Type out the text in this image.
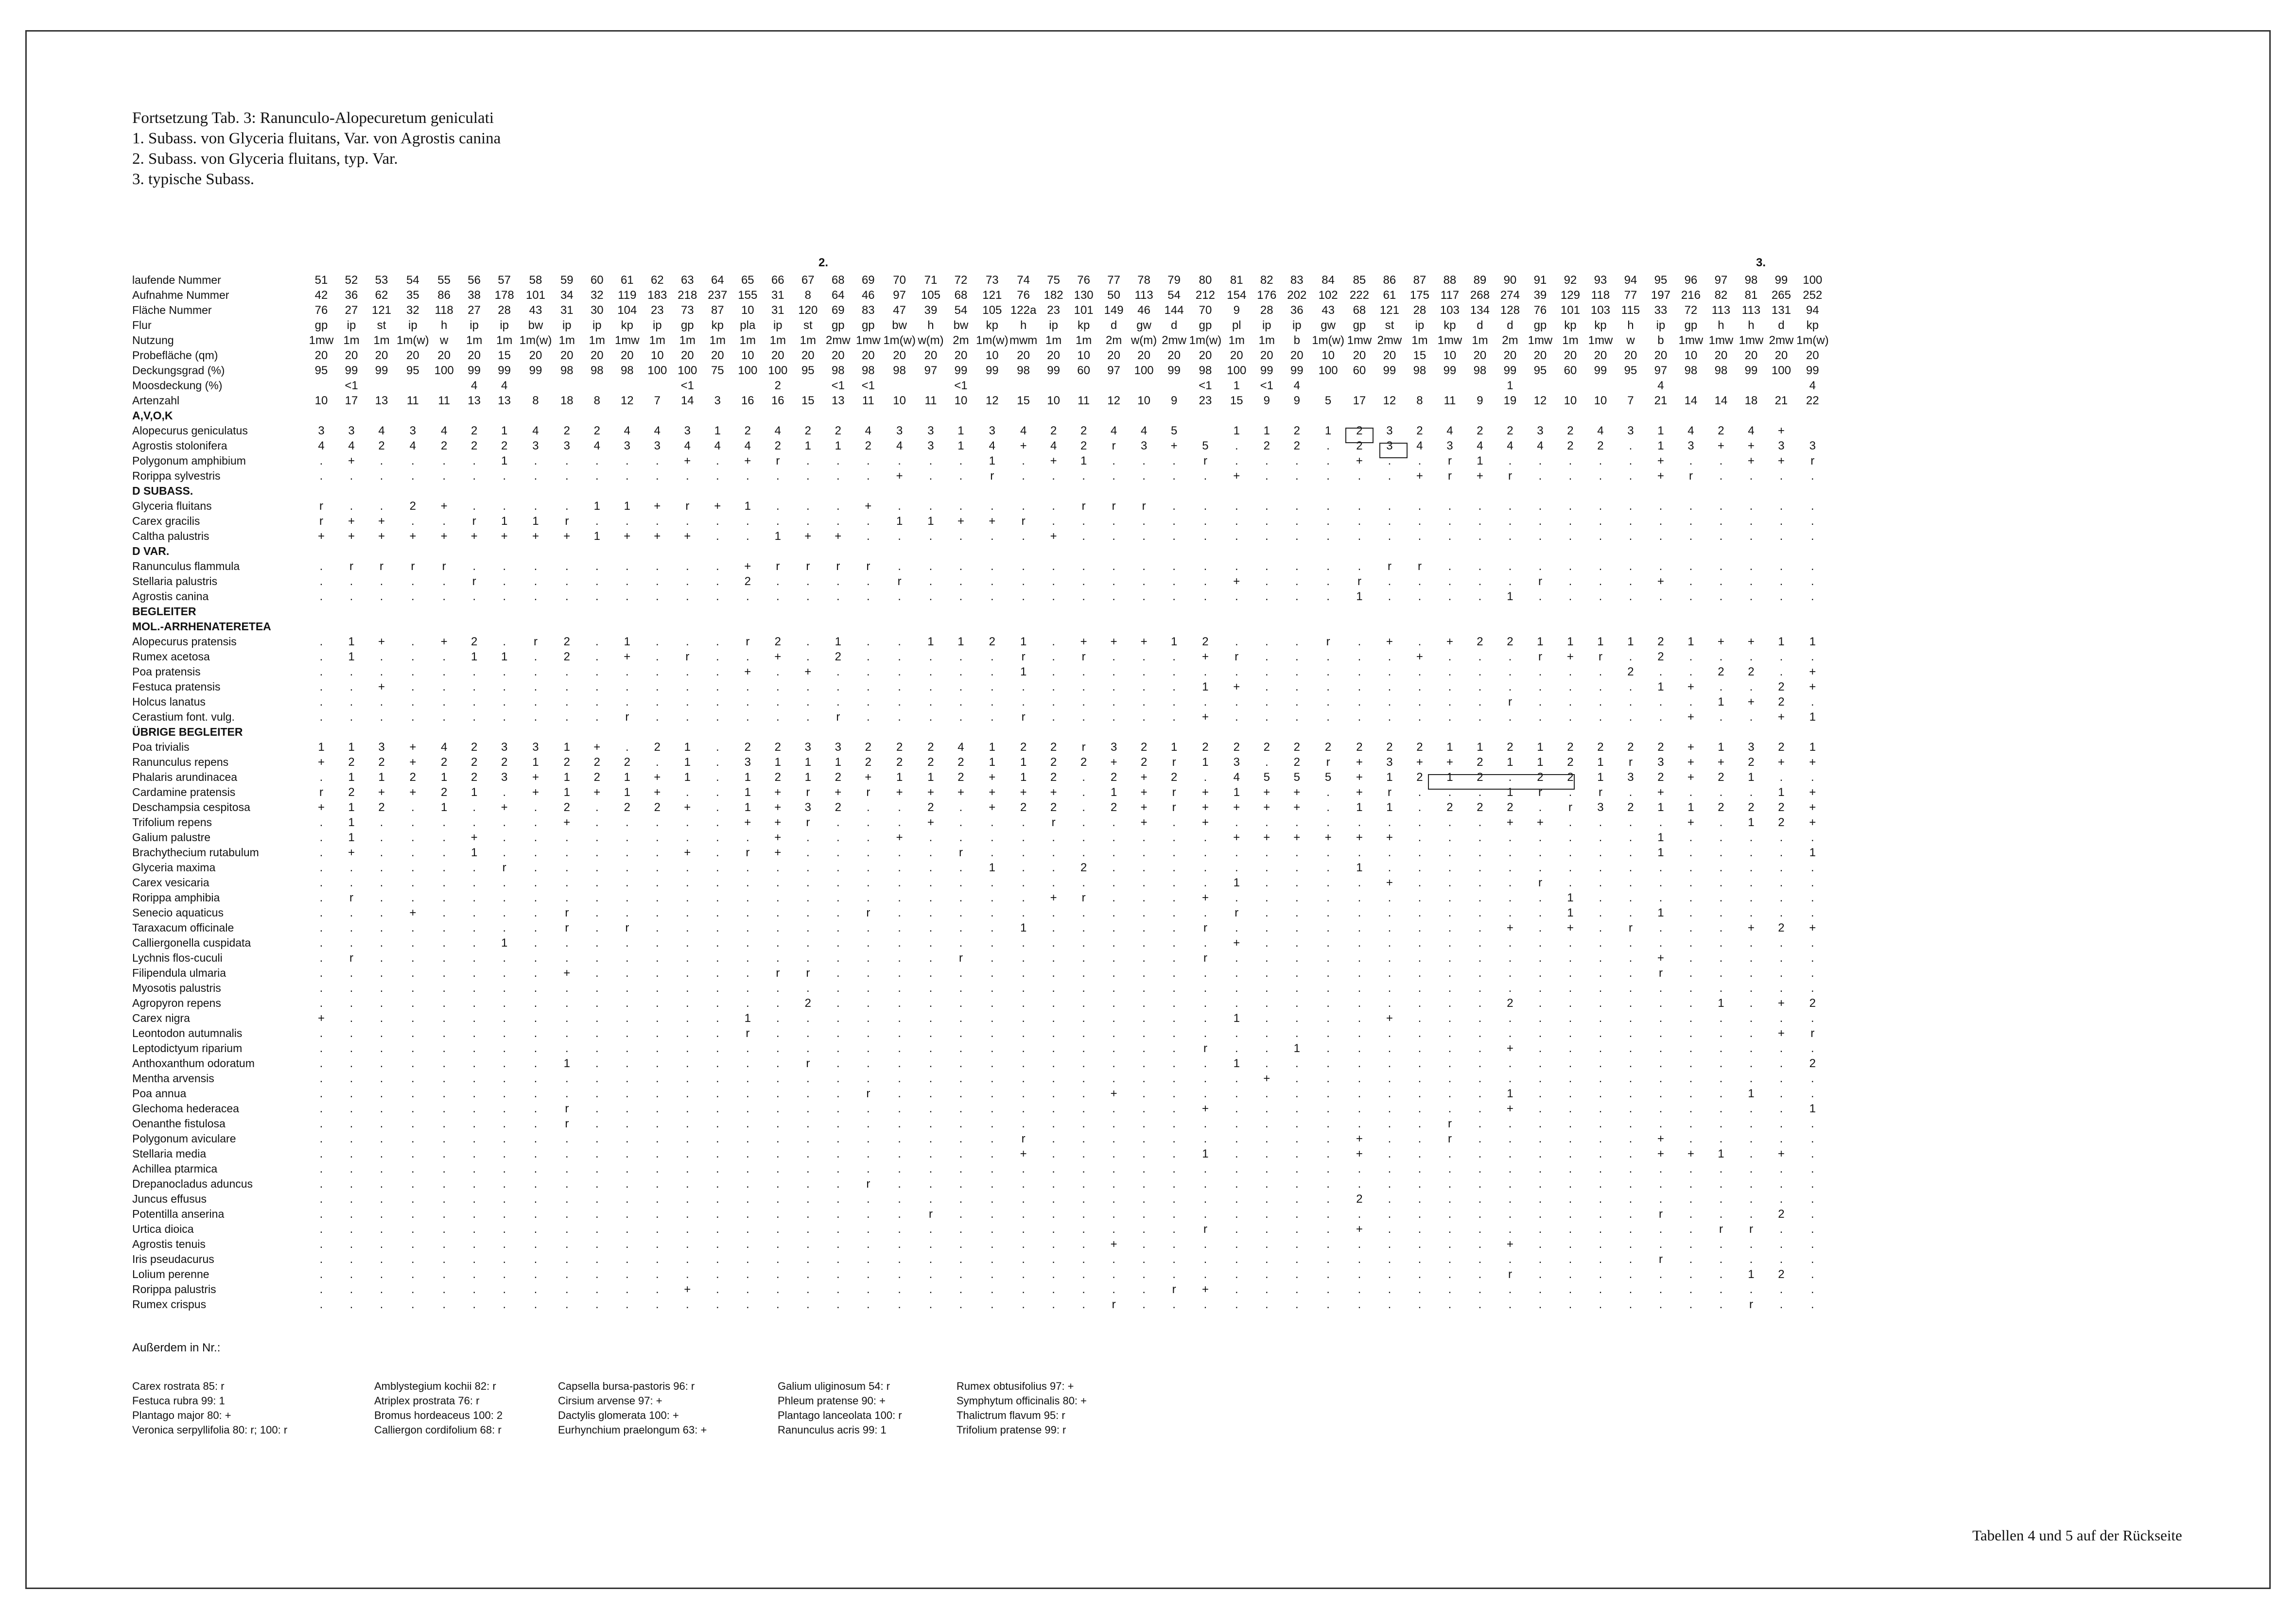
Fortsetzung Tab. 3: Ranunculo-Alopecuretum geniculati
1. Subass. von Glyceria fluitans, Var. von Agrostis canina
2. Subass. von Glyceria fluitans, typ. Var.
3. typische Subass.
2.	3.
laufende Nummer	51	52	53	54	55	56	57	58	59	60	61	62	63	64	65	66	67	68	69	70	71	72	73	74	75	76	77	78	79	80	81	82	83	84	85	86	87	88	89	90	91	92	93	94	95	96	97	98	99	100
Aufnahme Nummer	42	36	62	35	86	38	178	101	34	32	119	183	218	237	155	31	8	64	46	97	105	68	121	76	182	130	50	113	54	212	154	176	202	102	222	61	175	117	268	274	39	129	118	77	197	216	82	81	265	252
Fläche Nummer	76	27	121	32	118	27	28	43	31	30	104	23	73	87	10	31	120	69	83	47	39	54	105	122a	23	101	149	46	144	70	9	28	36	43	68	121	28	103	134	128	76	101	103	115	33	72	113	113	131	94
Flur	gp	ip	st	ip	h	ip	ip	bw	ip	ip	kp	ip	gp	kp	pla	ip	st	gp	gp	bw	h	bw	kp	h	ip	kp	d	gw	d	gp	pl	ip	ip	gw	gp	st	ip	kp	d	d	gp	kp	kp	h	ip	gp	h	h	d	kp
Nutzung	1mw	1m	1m	1m(w)	w	1m	1m	1m(w)	1m	1m	1mw	1m	1m	1m	1m	1m	1m	2mw	1mw	1m(w)	w(m)	2m	1m(w)	mwm	1m	1m	2m	w(m)	2mw	1m(w)	1m	1m	b	1m(w)	1mw	2mw	1m	1mw	1m	2m	1mw	1m	1mw	w	b	1mw	1mw	1mw	2mw	1m(w)
Probefläche (qm)	20	20	20	20	20	20	15	20	20	20	20	10	20	20	10	20	20	20	20	20	20	20	10	20	20	10	20	20	20	20	20	20	20	10	20	20	15	10	20	20	20	20	20	20	20	10	20	20	20	20
Deckungsgrad (%)	95	99	99	95	100	99	99	99	98	98	98	100	100	75	100	100	95	98	98	98	97	99	99	98	99	60	97	100	99	98	100	99	99	100	60	99	98	99	98	99	95	60	99	95	97	98	98	99	100	99
Moosdeckung (%)		<1				4	4						<1			2		<1	<1			<1								<1	1	<1	4							1					4					4
Artenzahl	10	17	13	11	11	13	13	8	18	8	12	7	14	3	16	16	15	13	11	10	11	10	12	15	10	11	12	10	9	23	15	9	9	5	17	12	8	11	9	19	12	10	10	7	21	14	14	18	21	22
A,V,O,K																																																		
Alopecurus geniculatus	3	3	4	3	4	2	1	4	2	2	4	4	3	1	2	4	2	2	4	3	3	1	3	4	2	2	4	4	5		1	1	2	1	2	3	2	4	2	2	3	2	4	3	1	4	2	4	+	
Agrostis stolonifera	4	4	2	4	2	2	2	3	3	4	3	3	4	4	4	2	1	1	2	4	3	1	4	+	4	2	r	3	+	5	.	2	2	.	2	3	4	3	4	4	4	2	2	.	1	3	+	+	3	3
Polygonum amphibium	.	+	.	.	.	.	1	.	.	.	.	.	+	.	+	r	.	.	.	.	.	.	1	.	+	1	.	.	.	r	.	.	.	.	+	.	.	r	1	.	.	.	.	.	+	.	.	+	+	r
Rorippa sylvestris	.	.	.	.	.	.	.	.	.	.	.	.	.	.	.	.	.	.	.	+	.	.	r	.	.	.	.	.	.	.	+	.	.	.	.	.	+	r	+	r	.	.	.	.	+	r	.	.	.	.
D SUBASS.																																																		
Glyceria fluitans	r	.	.	2	+	.	.	.	.	1	1	+	r	+	1	.	.	.	+	.	.	.	.	.	.	r	r	r	.	.	.	.	.	.	.	.	.	.	.	.	.	.	.	.	.	.	.	.	.	.
Carex gracilis	r	+	+	.	.	r	1	1	r	.	.	.	.	.	.	.	.	.	.	1	1	+	+	r	.	.	.	.	.	.	.	.	.	.	.	.	.	.	.	.	.	.	.	.	.	.	.	.	.	.
Caltha palustris	+	+	+	+	+	+	+	+	+	1	+	+	+	.	.	1	+	+	.	.	.	.	.	.	+	.	.	.	.	.	.	.	.	.	.	.	.	.	.	.	.	.	.	.	.	.	.	.	.	.
D VAR.																																																		
Ranunculus flammula	.	r	r	r	r	.	.	.	.	.	.	.	.	.	+	r	r	r	r	.	.	.	.	.	.	.	.	.	.	.	.	.	.	.	.	r	r	.	.	.	.	.	.	.	.	.	.	.	.	.
Stellaria palustris	.	.	.	.	.	r	.	.	.	.	.	.	.	.	2	.	.	.	.	r	.	.	.	.	.	.	.	.	.	.	+	.	.	.	r	.	.	.	.	.	r	.	.	.	+	.	.	.	.	.
Agrostis canina	.	.	.	.	.	.	.	.	.	.	.	.	.	.	.	.	.	.	.	.	.	.	.	.	.	.	.	.	.	.	.	.	.	.	1	.	.	.	.	1	.	.	.	.	.	.	.	.	.	.
BEGLEITER																																																		
MOL.-ARRHENATERETEA																																																		
Alopecurus pratensis	.	1	+	.	+	2	.	r	2	.	1	.	.	.	r	2	.	1	.	.	1	1	2	1	.	+	+	+	1	2	.	.	.	r	.	+	.	+	2	2	1	1	1	1	2	1	+	+	1	1
Rumex acetosa	.	1	.	.	.	1	1	.	2	.	+	.	r	.	.	+	.	2	.	.	.	.	.	r	.	r	.	.	.	+	r	.	.	.	.	.	+	.	.	.	r	+	r	.	2	.	.	.	.	.
Poa pratensis	.	.	.	.	.	.	.	.	.	.	.	.	.	.	+	.	+	.	.	.	.	.	.	1	.	.	.	.	.	.	.	.	.	.	.	.	.	.	.	.	.	.	.	2	.	.	2	2	.	+
Festuca pratensis	.	.	+	.	.	.	.	.	.	.	.	.	.	.	.	.	.	.	.	.	.	.	.	.	.	.	.	.	.	1	+	.	.	.	.	.	.	.	.	.	.	.	.	.	1	+	.	.	2	+
Holcus lanatus	.	.	.	.	.	.	.	.	.	.	.	.	.	.	.	.	.	.	.	.	.	.	.	.	.	.	.	.	.	.	.	.	.	.	.	.	.	.	.	r	.	.	.	.	.	.	1	+	2	.
Cerastium font. vulg.	.	.	.	.	.	.	.	.	.	.	r	.	.	.	.	.	.	r	.	.	.	.	.	r	.	.	.	.	.	+	.	.	.	.	.	.	.	.	.	.	.	.	.	.	.	+	.	.	+	1
ÜBRIGE BEGLEITER																																																		
Poa trivialis	1	1	3	+	4	2	3	3	1	+	.	2	1	.	2	2	3	3	2	2	2	4	1	2	2	r	3	2	1	2	2	2	2	2	2	2	2	1	1	2	1	2	2	2	2	+	1	3	2	1
Ranunculus repens	+	2	2	+	2	2	2	1	2	2	2	.	1	.	3	1	1	1	2	2	2	2	1	1	2	2	+	2	r	1	3	.	2	r	+	3	+	+	2	1	1	2	1	r	3	+	+	2	+	+
Phalaris arundinacea	.	1	1	2	1	2	3	+	1	2	1	+	1	.	1	2	1	2	+	1	1	2	+	1	2	.	2	+	2	.	4	5	5	5	+	1	2	1	2	.	2	2	1	3	2	+	2	1	.	.
Cardamine pratensis	r	2	+	+	2	1	.	+	1	+	1	+	.	.	1	+	r	+	r	+	+	+	+	+	+	.	1	+	r	+	1	+	+	.	+	r	.	.	.	1	r	.	r	.	+	.	.	.	1	+
Deschampsia cespitosa	+	1	2	.	1	.	+	.	2	.	2	2	+	.	1	+	3	2	.	.	2	.	+	2	2	.	2	+	r	+	+	+	+	.	1	1	.	2	2	2	.	r	3	2	1	1	2	2	2	+
Trifolium repens	.	1	.	.	.	.	.	.	+	.	.	.	.	.	+	+	r	.	.	.	+	.	.	.	r	.	.	+	.	+	.	.	.	.	.	.	.	.	.	+	+	.	.	.	.	+	.	1	2	+
Galium palustre	.	1	.	.	.	+	.	.	.	.	.	.	.	.	.	+	.	.	.	+	.	.	.	.	.	.	.	.	.	.	+	+	+	+	+	+	.	.	.	.	.	.	.	.	1	.	.	.	.	.
Brachythecium rutabulum	.	+	.	.	.	1	.	.	.	.	.	.	+	.	r	+	.	.	.	.	.	r	.	.	.	.	.	.	.	.	.	.	.	.	.	.	.	.	.	.	.	.	.	.	1	.	.	.	.	1
Glyceria maxima	.	.	.	.	.	.	r	.	.	.	.	.	.	.	.	.	.	.	.	.	.	.	1	.	.	2	.	.	.	.	.	.	.	.	1	.	.	.	.	.	.	.	.	.	.	.	.	.	.	.
Carex vesicaria	.	.	.	.	.	.	.	.	.	.	.	.	.	.	.	.	.	.	.	.	.	.	.	.	.	.	.	.	.	.	1	.	.	.	.	+	.	.	.	.	r	.	.	.	.	.	.	.	.	.
Rorippa amphibia	.	r	.	.	.	.	.	.	.	.	.	.	.	.	.	.	.	.	.	.	.	.	.	.	+	r	.	.	.	+	.	.	.	.	.	.	.	.	.	.	.	1	.	.	.	.	.	.	.	.
Senecio aquaticus	.	.	.	+	.	.	.	.	r	.	.	.	.	.	.	.	.	.	r	.	.	.	.	.	.	.	.	.	.	.	r	.	.	.	.	.	.	.	.	.	.	1	.	.	1	.	.	.	.	.
Taraxacum officinale	.	.	.	.	.	.	.	.	r	.	r	.	.	.	.	.	.	.	.	.	.	.	.	1	.	.	.	.	.	r	.	.	.	.	.	.	.	.	.	+	.	+	.	r	.	.	.	+	2	+
Calliergonella cuspidata	.	.	.	.	.	.	1	.	.	.	.	.	.	.	.	.	.	.	.	.	.	.	.	.	.	.	.	.	.	.	+	.	.	.	.	.	.	.	.	.	.	.	.	.	.	.	.	.	.	.
Lychnis flos-cuculi	.	r	.	.	.	.	.	.	.	.	.	.	.	.	.	.	.	.	.	.	.	r	.	.	.	.	.	.	.	r	.	.	.	.	.	.	.	.	.	.	.	.	.	.	+	.	.	.	.	.
Filipendula ulmaria	.	.	.	.	.	.	.	.	+	.	.	.	.	.	.	r	r	.	.	.	.	.	.	.	.	.	.	.	.	.	.	.	.	.	.	.	.	.	.	.	.	.	.	.	r	.	.	.	.	.
Myosotis palustris	.	.	.	.	.	.	.	.	.	.	.	.	.	.	.	.	.	.	.	.	.	.	.	.	.	.	.	.	.	.	.	.	.	.	.	.	.	.	.	.	.	.	.	.	.	.	.	.	.	.
Agropyron repens	.	.	.	.	.	.	.	.	.	.	.	.	.	.	.	.	2	.	.	.	.	.	.	.	.	.	.	.	.	.	.	.	.	.	.	.	.	.	.	2	.	.	.	.	.	.	1	.	+	2
Carex nigra	+	.	.	.	.	.	.	.	.	.	.	.	.	.	1	.	.	.	.	.	.	.	.	.	.	.	.	.	.	.	1	.	.	.	.	+	.	.	.	.	.	.	.	.	.	.	.	.	.	.
Leontodon autumnalis	.	.	.	.	.	.	.	.	.	.	.	.	.	.	r	.	.	.	.	.	.	.	.	.	.	.	.	.	.	.	.	.	.	.	.	.	.	.	.	.	.	.	.	.	.	.	.	.	+	r
Leptodictyum riparium	.	.	.	.	.	.	.	.	.	.	.	.	.	.	.	.	.	.	.	.	.	.	.	.	.	.	.	.	.	r	.	.	1	.	.	.	.	.	.	+	.	.	.	.	.	.	.	.	.	.
Anthoxanthum odoratum	.	.	.	.	.	.	.	.	1	.	.	.	.	.	.	.	r	.	.	.	.	.	.	.	.	.	.	.	.	.	1	.	.	.	.	.	.	.	.	.	.	.	.	.	.	.	.	.	.	2
Mentha arvensis	.	.	.	.	.	.	.	.	.	.	.	.	.	.	.	.	.	.	.	.	.	.	.	.	.	.	.	.	.	.	.	+	.	.	.	.	.	.	.	.	.	.	.	.	.	.	.	.	.	.
Poa annua	.	.	.	.	.	.	.	.	.	.	.	.	.	.	.	.	.	.	r	.	.	.	.	.	.	.	+	.	.	.	.	.	.	.	.	.	.	.	.	1	.	.	.	.	.	.	.	1	.	.
Glechoma hederacea	.	.	.	.	.	.	.	.	r	.	.	.	.	.	.	.	.	.	.	.	.	.	.	.	.	.	.	.	.	+	.	.	.	.	.	.	.	.	.	+	.	.	.	.	.	.	.	.	.	1
Oenanthe fistulosa	.	.	.	.	.	.	.	.	r	.	.	.	.	.	.	.	.	.	.	.	.	.	.	.	.	.	.	.	.	.	.	.	.	.	.	.	.	r	.	.	.	.	.	.	.	.	.	.	.	.
Polygonum aviculare	.	.	.	.	.	.	.	.	.	.	.	.	.	.	.	.	.	.	.	.	.	.	.	r	.	.	.	.	.	.	.	.	.	.	+	.	.	r	.	.	.	.	.	.	+	.	.	.	.	.
Stellaria media	.	.	.	.	.	.	.	.	.	.	.	.	.	.	.	.	.	.	.	.	.	.	.	+	.	.	.	.	.	1	.	.	.	.	+	.	.	.	.	.	.	.	.	.	+	+	1	.	+	.
Achillea ptarmica	.	.	.	.	.	.	.	.	.	.	.	.	.	.	.	.	.	.	.	.	.	.	.	.	.	.	.	.	.	.	.	.	.	.	.	.	.	.	.	.	.	.	.	.	.	.	.	.	.	.
Drepanocladus aduncus	.	.	.	.	.	.	.	.	.	.	.	.	.	.	.	.	.	.	r	.	.	.	.	.	.	.	.	.	.	.	.	.	.	.	.	.	.	.	.	.	.	.	.	.	.	.	.	.	.	.
Juncus effusus	.	.	.	.	.	.	.	.	.	.	.	.	.	.	.	.	.	.	.	.	.	.	.	.	.	.	.	.	.	.	.	.	.	.	2	.	.	.	.	.	.	.	.	.	.	.	.	.	.	.
Potentilla anserina	.	.	.	.	.	.	.	.	.	.	.	.	.	.	.	.	.	.	.	.	r	.	.	.	.	.	.	.	.	.	.	.	.	.	.	.	.	.	.	.	.	.	.	.	r	.	.	.	2	.
Urtica dioica	.	.	.	.	.	.	.	.	.	.	.	.	.	.	.	.	.	.	.	.	.	.	.	.	.	.	.	.	.	r	.	.	.	.	+	.	.	.	.	.	.	.	.	.	.	.	r	r	.	.
Agrostis tenuis	.	.	.	.	.	.	.	.	.	.	.	.	.	.	.	.	.	.	.	.	.	.	.	.	.	.	+	.	.	.	.	.	.	.	.	.	.	.	.	+	.	.	.	.	.	.	.	.	.	.
Iris pseudacurus	.	.	.	.	.	.	.	.	.	.	.	.	.	.	.	.	.	.	.	.	.	.	.	.	.	.	.	.	.	.	.	.	.	.	.	.	.	.	.	.	.	.	.	.	r	.	.	.	.	.
Lolium perenne	.	.	.	.	.	.	.	.	.	.	.	.	.	.	.	.	.	.	.	.	.	.	.	.	.	.	.	.	.	.	.	.	.	.	.	.	.	.	.	r	.	.	.	.	.	.	.	1	2	.
Rorippa palustris	.	.	.	.	.	.	.	.	.	.	.	.	+	.	.	.	.	.	.	.	.	.	.	.	.	.	.	.	r	+	.	.	.	.	.	.	.	.	.	.	.	.	.	.	.	.	.	.	.	.
Rumex crispus	.	.	.	.	.	.	.	.	.	.	.	.	.	.	.	.	.	.	.	.	.	.	.	.	.	.	r	.	.	.	.	.	.	.	.	.	.	.	.	.	.	.	.	.	.	.	.	r	.	.
Außerdem in Nr.:
Carex rostrata 85: r
Festuca rubra 99: 1
Plantago major 80: +
Veronica serpyllifolia 80: r; 100: r
Amblystegium kochii 82: r
Atriplex prostrata 76: r
Bromus hordeaceus 100: 2
Calliergon cordifolium 68: r
Capsella bursa-pastoris 96: r
Cirsium arvense 97: +
Dactylis glomerata 100: +
Eurhynchium praelongum 63: +
Galium uliginosum 54: r
Phleum pratense 90: +
Plantago lanceolata 100: r
Ranunculus acris 99: 1
Rumex obtusifolius 97: +
Symphytum officinalis 80: +
Thalictrum flavum 95: r
Trifolium pratense 99: r
Tabellen 4 und 5 auf der Rückseite
